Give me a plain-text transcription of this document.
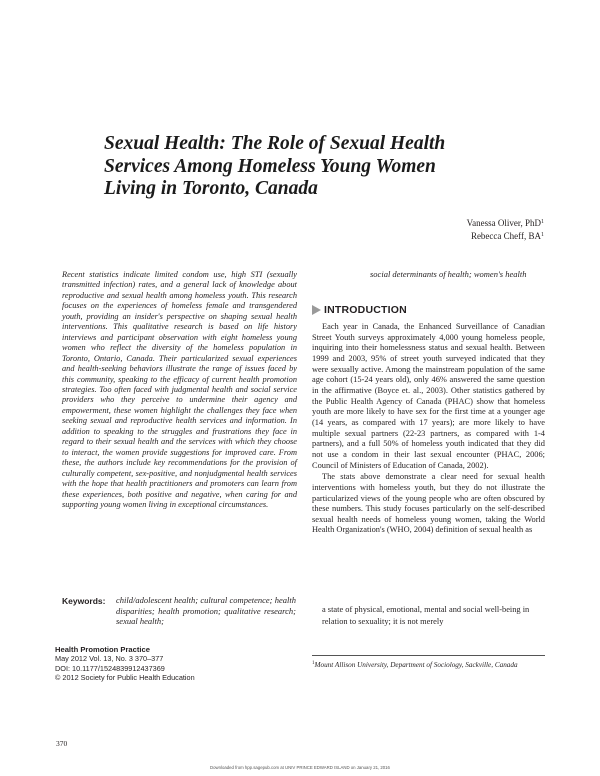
Sexual Health: The Role of Sexual Health Services Among Homeless Young Women Living in Toronto, Canada
Vanessa Oliver, PhD$^1$
Rebecca Cheff, $BA^1$
Recent statistics indicate limited condom use, high STI (sexually transmitted infection) rates, and a general lack of knowledge about reproductive and sexual health among homeless youth. This research focuses on the experiences of homeless female and transgendered youth, providing an insider's perspective on shaping sexual health interventions. This qualitative research is based on life history interviews and participant observation with eight homeless young women who reflect the diversity of the homeless population in Toronto, Ontario, Canada. Their particularized sexual experiences and health-seeking behaviors illustrate the range of issues faced by this community, speaking to the efficacy of current health promotion strategies. Too often faced with judgmental health and social service providers who they perceive to undermine their agency and empowerment, these women highlight the challenges they face when seeking sexual and reproductive health services and information. In addition to speaking to the struggles and frustrations they face in regard to their sexual health and the services with which they choose to interact, the women provide suggestions for improved care. From these, the authors include key recommendations for the provision of culturally competent, sex-positive, and nonjudgmental health services with the hope that health practitioners and promoters can learn from these experiences, both positive and negative, when caring for and supporting young women living in exceptional circumstances.
Keywords: child/adolescent health; cultural competence; health disparities; health promotion; qualitative research; sexual health;
social determinants of health; women's health
INTRODUCTION

Each year in Canada, the Enhanced Surveillance of Canadian Street Youth surveys approximately 4,000 young homeless people, inquiring into their homelessness status and sexual health. Between 1999 and 2003, 95% of street youth surveyed indicated that they were sexually active. Among the mainstream population of the same age cohort (15-24 years old), only 46% answered the same question in the affirmative (Boyce et. al., 2003). Other statistics gathered by the Public Health Agency of Canada (PHAC) show that homeless youth are more likely to have sex for the first time at a younger age (14 years, as compared with 17 years); are more likely to have multiple sexual partners (22-23 partners, as compared with 1-4 partners), and a full 50% of homeless youth indicated that they did not use a condom in their last sexual encounter (PHAC, 2006; Council of Ministers of Education of Canada, 2002).

The stats above demonstrate a clear need for sexual health interventions with homeless youth, but they do not illustrate the particularized views of the young people who are often obscured by these numbers. This study focuses particularly on the self-described sexual health needs of homeless young women, taking the World Health Organization's (WHO, 2004) definition of sexual health as

a state of physical, emotional, mental and social well-being in relation to sexuality; it is not merely
$^1$Mount Allison University, Department of Sociology, Sackville, Canada
Health Promotion Practice
May 2012 Vol. 13, No. 3 370–377
DOI: 10.1177/1524839912437369
© 2012 Society for Public Health Education
370
Downloaded from hpp.sagepub.com at UNIV PRINCE EDWARD ISLAND on January 21, 2016
